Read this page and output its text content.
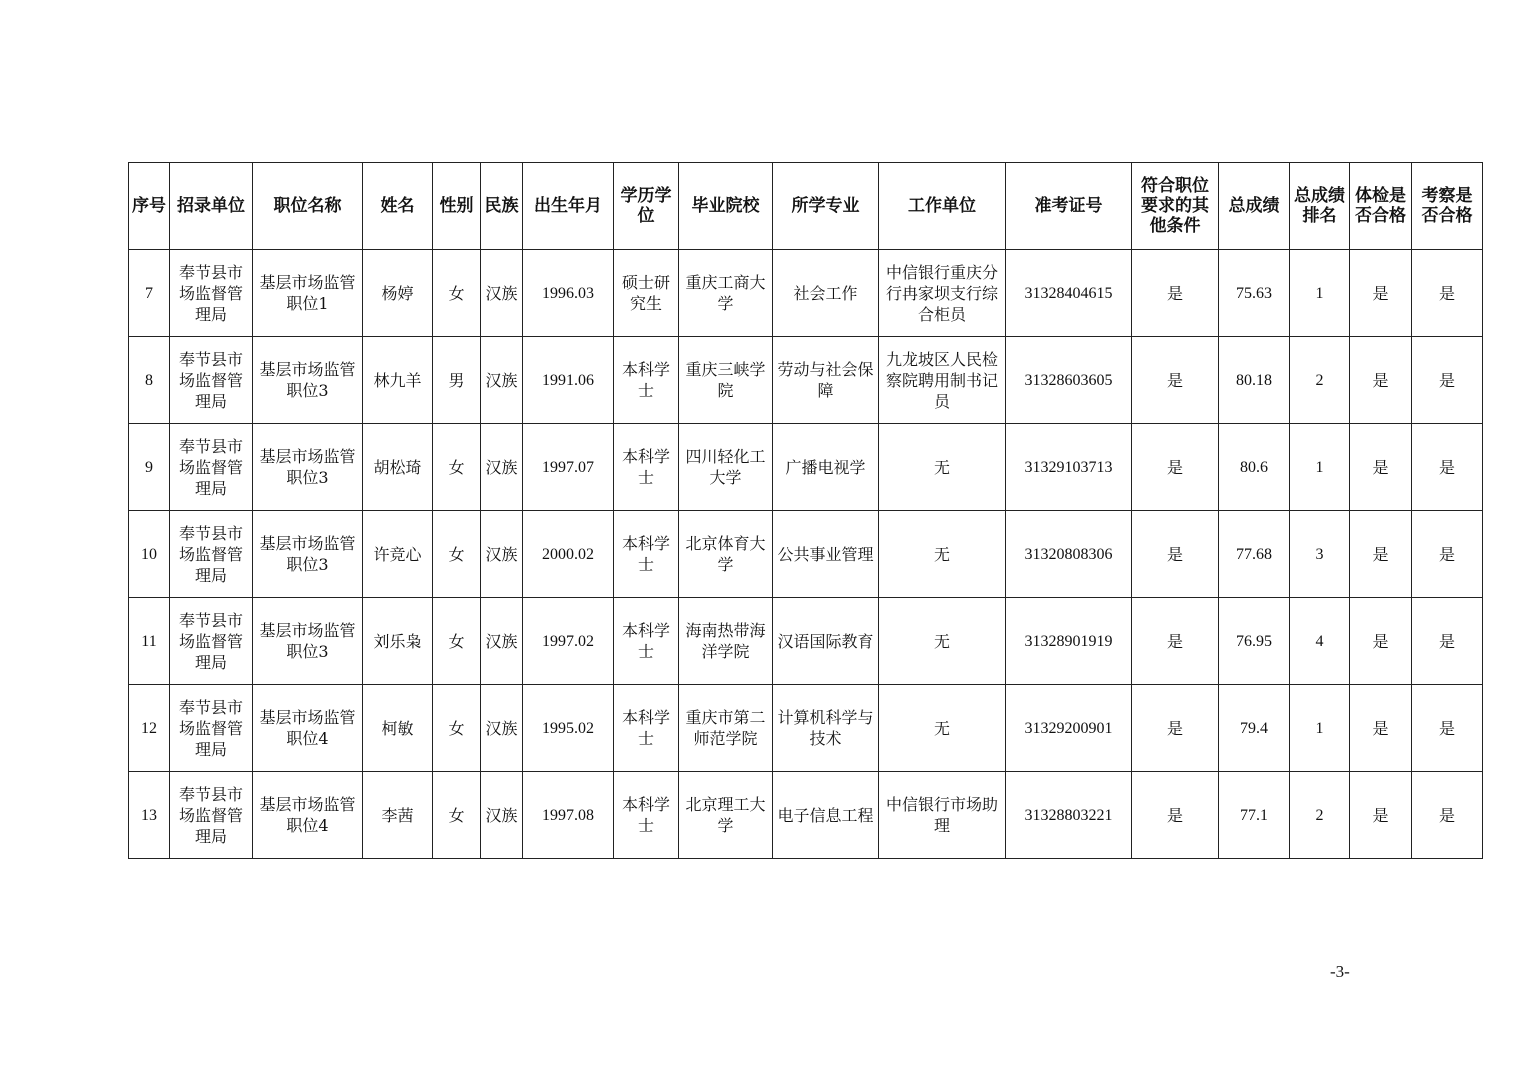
序号	招录单位	职位名称	姓名	性别	民族	出生年月	学历学位	毕业院校	所学专业	工作单位	准考证号	符合职位要求的其他条件	总成绩	总成绩排名	体检是否合格	考察是否合格
7	奉节县市场监督管理局	基层市场监管职位1	杨婷	女	汉族	1996.03	硕士研究生	重庆工商大学	社会工作	中信银行重庆分行冉家坝支行综合柜员	31328404615	是	75.63	1	是	是
8	奉节县市场监督管理局	基层市场监管职位3	林九羊	男	汉族	1991.06	本科学士	重庆三峡学院	劳动与社会保障	九龙坡区人民检察院聘用制书记员	31328603605	是	80.18	2	是	是
9	奉节县市场监督管理局	基层市场监管职位3	胡松琦	女	汉族	1997.07	本科学士	四川轻化工大学	广播电视学	无	31329103713	是	80.6	1	是	是
10	奉节县市场监督管理局	基层市场监管职位3	许竞心	女	汉族	2000.02	本科学士	北京体育大学	公共事业管理	无	31320808306	是	77.68	3	是	是
11	奉节县市场监督管理局	基层市场监管职位3	刘乐枭	女	汉族	1997.02	本科学士	海南热带海洋学院	汉语国际教育	无	31328901919	是	76.95	4	是	是
12	奉节县市场监督管理局	基层市场监管职位4	柯敏	女	汉族	1995.02	本科学士	重庆市第二师范学院	计算机科学与技术	无	31329200901	是	79.4	1	是	是
13	奉节县市场监督管理局	基层市场监管职位4	李茜	女	汉族	1997.08	本科学士	北京理工大学	电子信息工程	中信银行市场助理	31328803221	是	77.1	2	是	是
-3-
